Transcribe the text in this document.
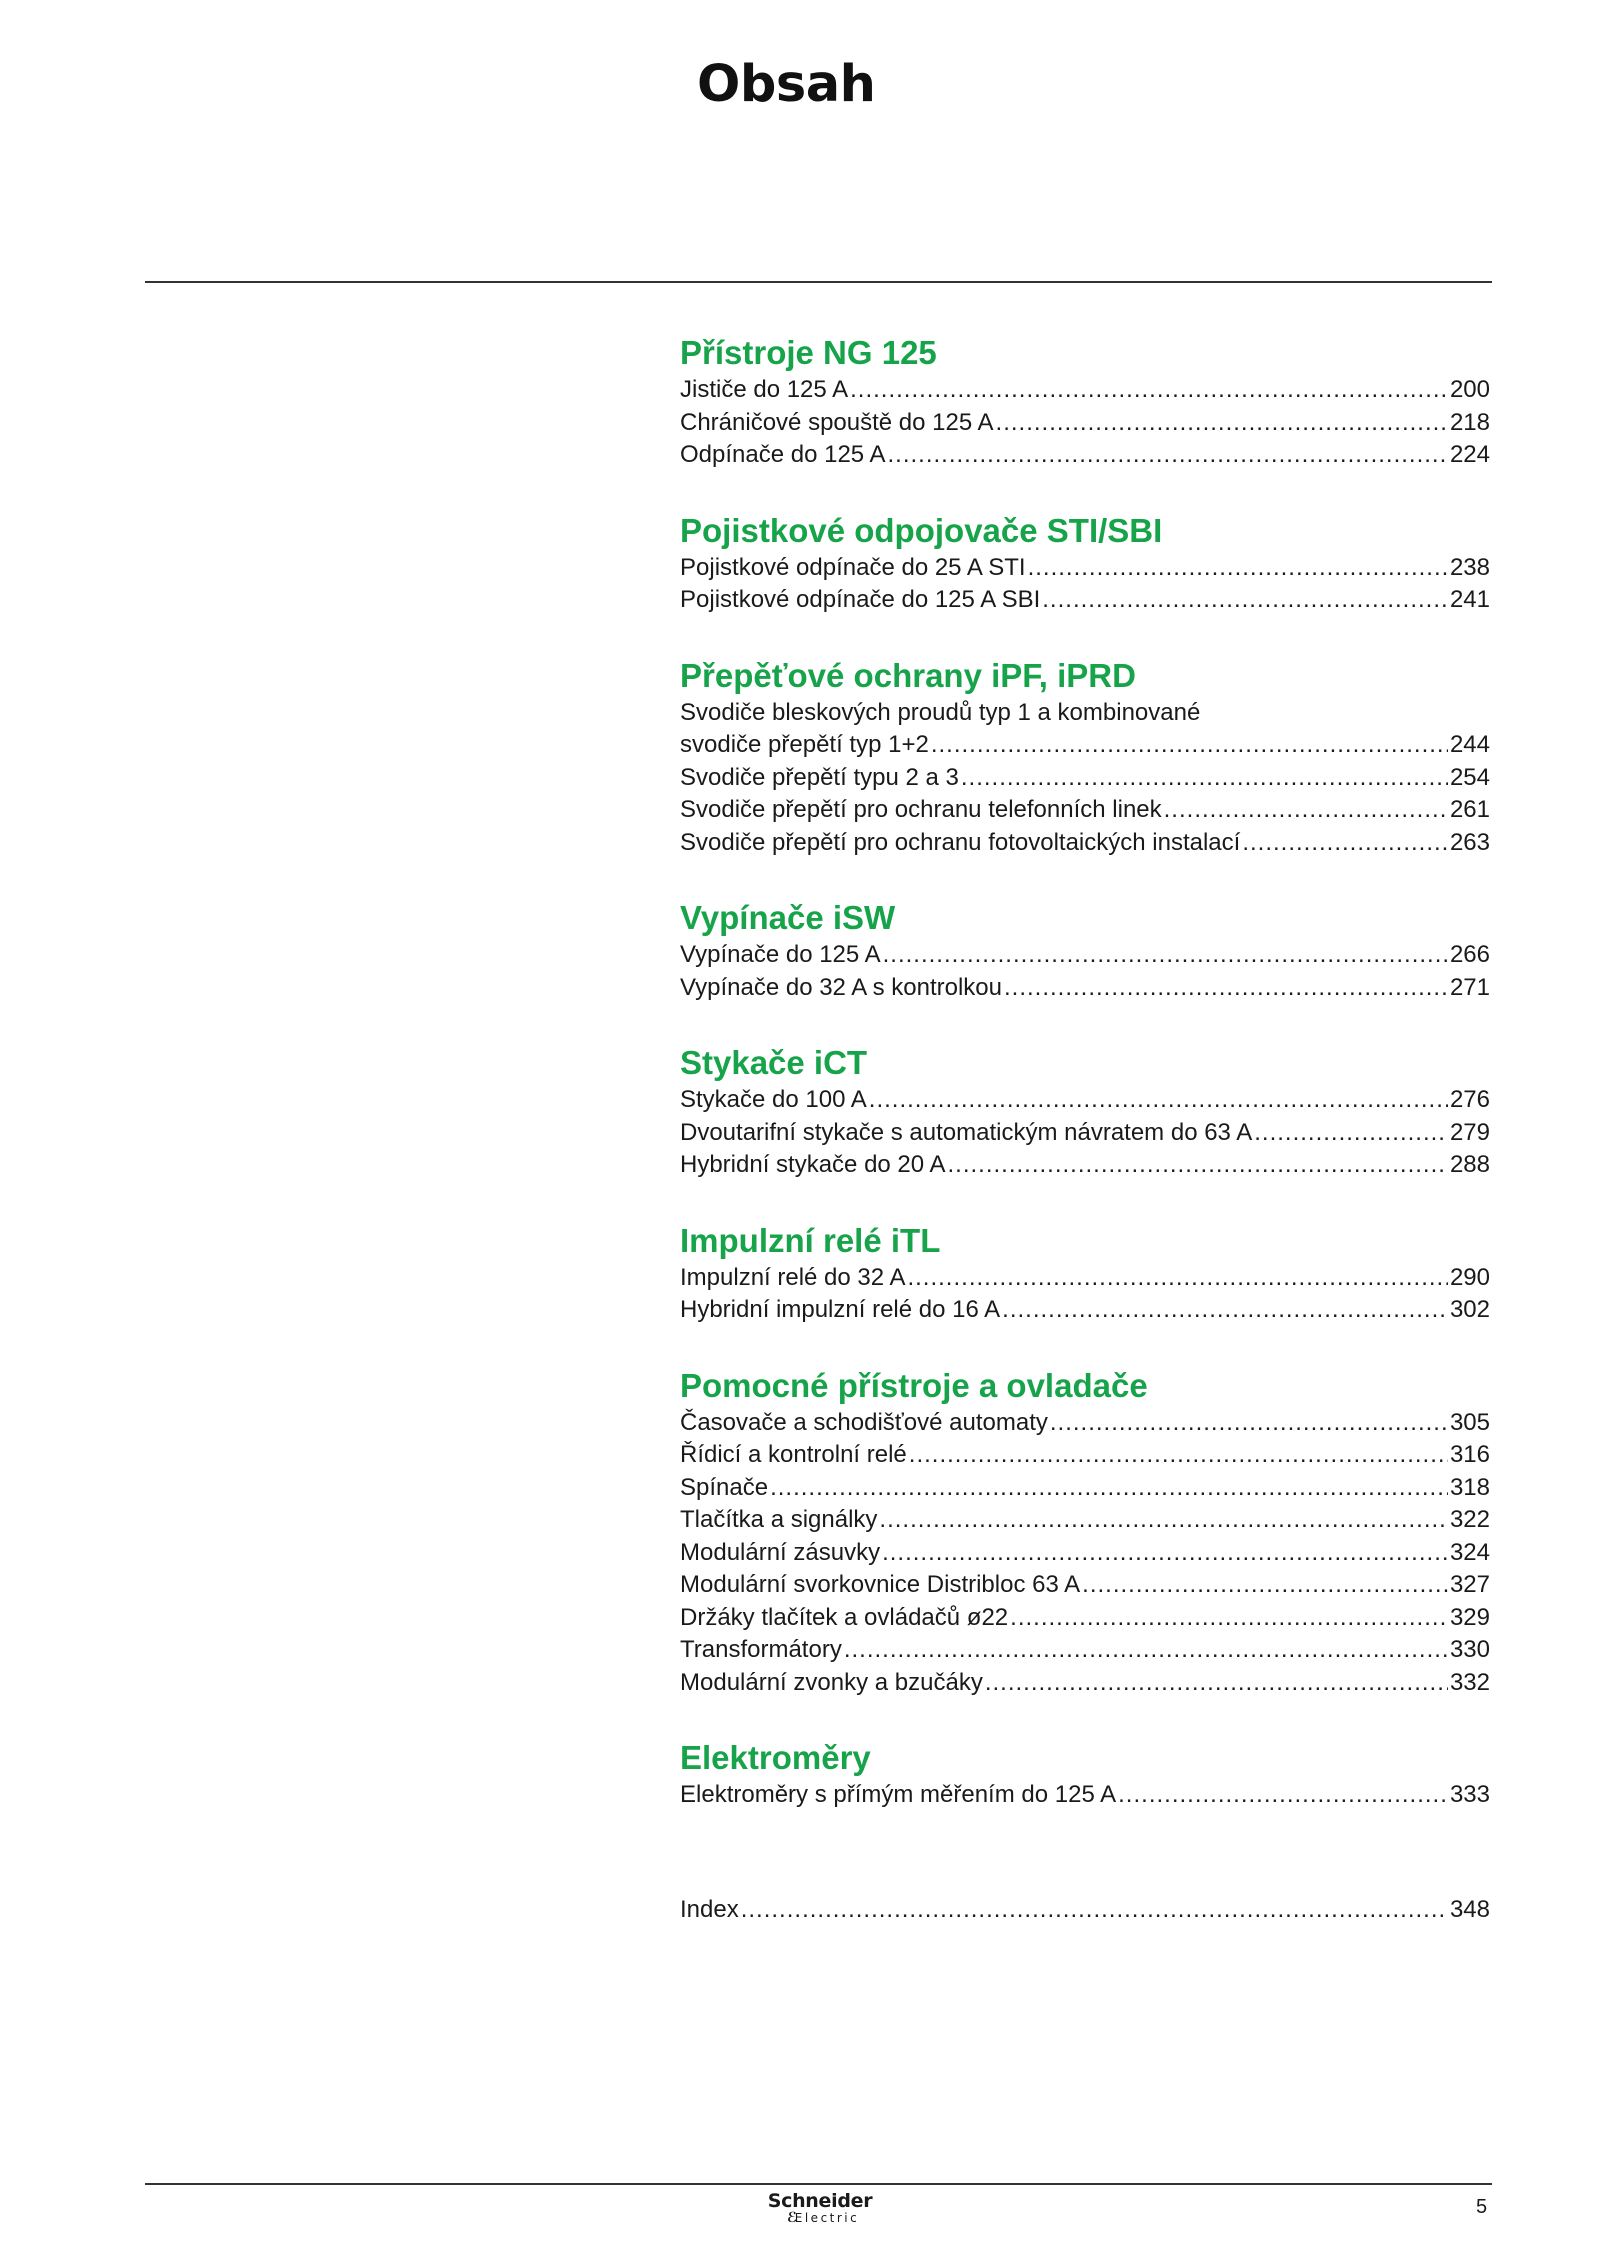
Obsah
Přístroje NG 125
Jističe do 125 A .....	200
Chráničové spouště do 125 A .....	218
Odpínače do 125 A .....	224
Pojistkové odpojovače STI/SBI
Pojistkové odpínače do 25 A STI .....	238
Pojistkové odpínače do 125 A SBI .....	241
Přepěťové ochrany iPF, iPRD
Svodiče bleskových proudů typ 1 a kombinované
svodiče přepětí typ 1+2 .....	244
Svodiče přepětí typu 2 a 3 .....	254
Svodiče přepětí pro ochranu telefonních linek .....	261
Svodiče přepětí pro ochranu fotovoltaických instalací .....	263
Vypínače iSW
Vypínače do 125 A .....	266
Vypínače do 32 A s kontrolkou .....	271
Stykače iCT
Stykače do 100 A .....	276
Dvoutarifní stykače s automatickým návratem do 63 A .....	279
Hybridní stykače do 20 A .....	288
Impulzní relé iTL
Impulzní relé do 32 A .....	290
Hybridní impulzní relé do 16 A .....	302
Pomocné přístroje a ovladače
Časovače a schodišťové automaty .....	305
Řídicí a kontrolní relé .....	316
Spínače .....	318
Tlačítka a signálky .....	322
Modulární zásuvky .....	324
Modulární svorkovnice Distribloc 63 A .....	327
Držáky tlačítek a ovládačů ø22 .....	329
Transformátory .....	330
Modulární zvonky a bzučáky .....	332
Elektroměry
Elektroměry s přímým měřením do 125 A .....	333
Index .....	348
Schneider
ℰ
Electric	5
